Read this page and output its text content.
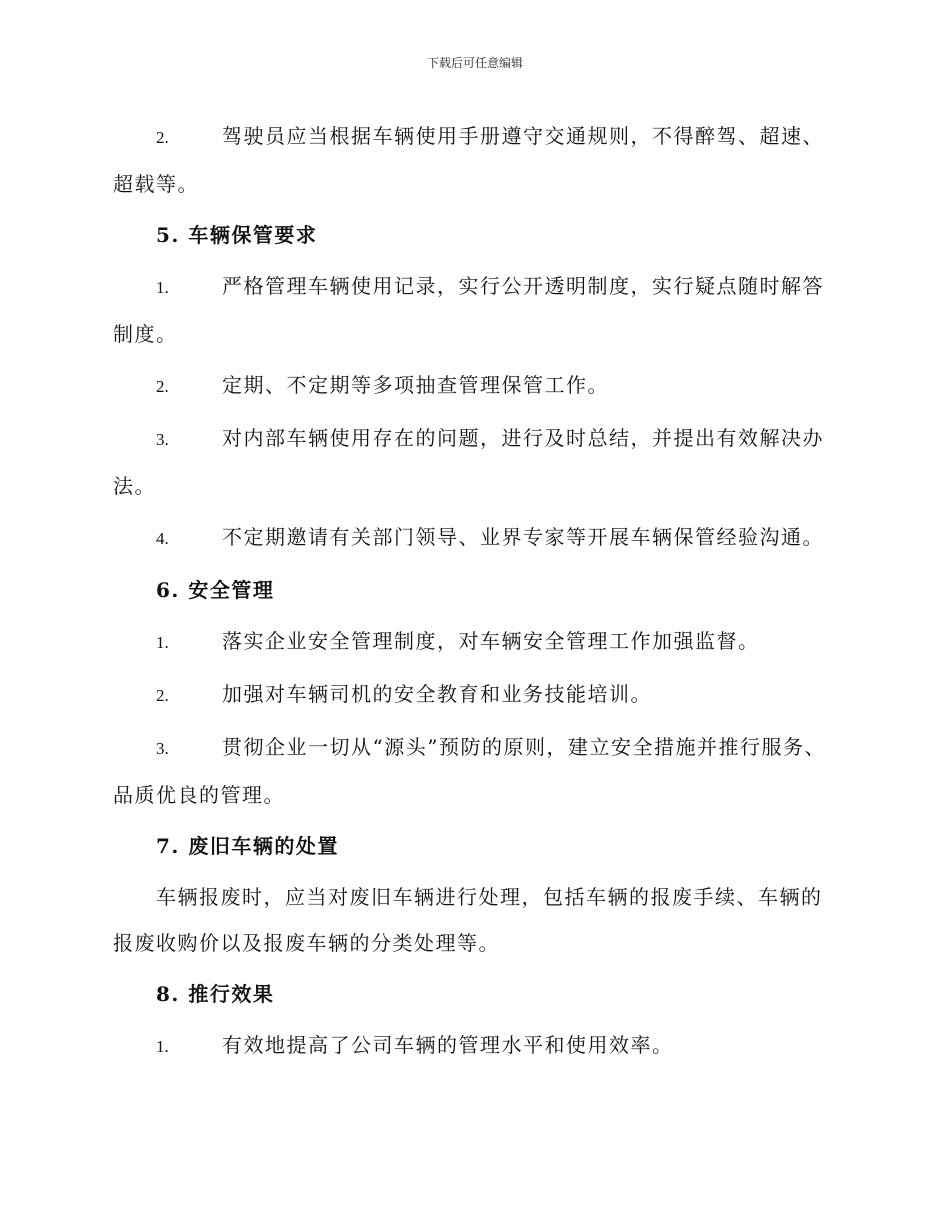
下载后可任意编辑

2.	驾驶员应当根据车辆使用手册遵守交通规则，不得醉驾、超速、超载等。

5. 车辆保管要求

1.	严格管理车辆使用记录，实行公开透明制度，实行疑点随时解答制度。

2.	定期、不定期等多项抽查管理保管工作。

3.	对内部车辆使用存在的问题，进行及时总结，并提出有效解决办法。

4.	不定期邀请有关部门领导、业界专家等开展车辆保管经验沟通。

6. 安全管理

1.	落实企业安全管理制度，对车辆安全管理工作加强监督。

2.	加强对车辆司机的安全教育和业务技能培训。

3.	贯彻企业一切从“源头”预防的原则，建立安全措施并推行服务、品质优良的管理。

7. 废旧车辆的处置

车辆报废时，应当对废旧车辆进行处理，包括车辆的报废手续、车辆的报废收购价以及报废车辆的分类处理等。

8. 推行效果

1.	有效地提高了公司车辆的管理水平和使用效率。
